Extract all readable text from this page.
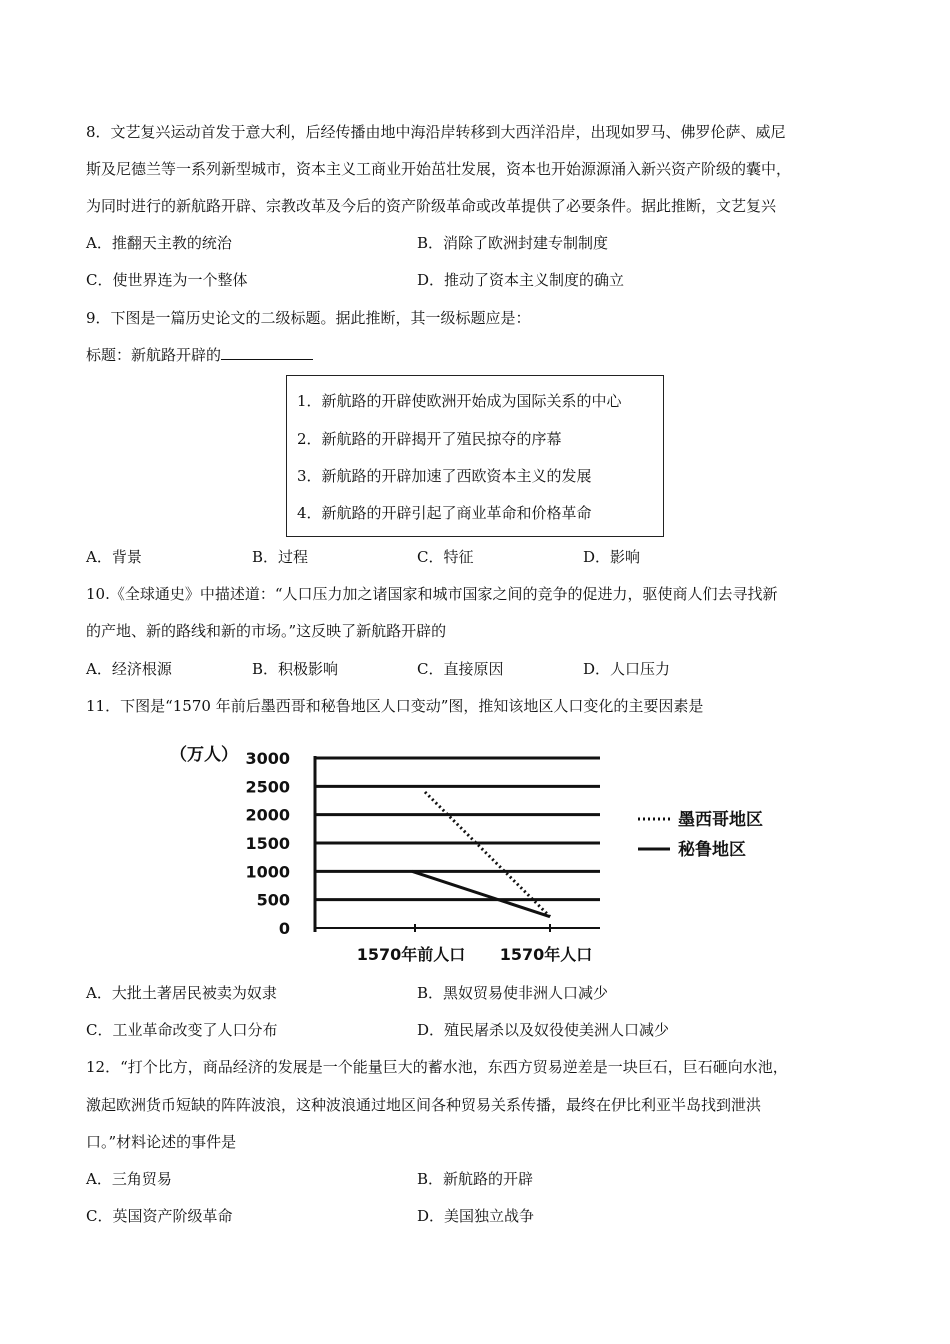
8．文艺复兴运动首发于意大利，后经传播由地中海沿岸转移到大西洋沿岸，出现如罗马、佛罗伦萨、威尼
斯及尼德兰等一系列新型城市，资本主义工商业开始茁壮发展，资本也开始源源涌入新兴资产阶级的囊中，
为同时进行的新航路开辟、宗教改革及今后的资产阶级革命或改革提供了必要条件。据此推断，文艺复兴
A．推翻天主教的统治	B．消除了欧洲封建专制制度
C．使世界连为一个整体	D．推动了资本主义制度的确立
9．下图是一篇历史论文的二级标题。据此推断，其一级标题应是：
标题：新航路开辟的
1．新航路的开辟使欧洲开始成为国际关系的中心
2．新航路的开辟揭开了殖民掠夺的序幕
3．新航路的开辟加速了西欧资本主义的发展
4．新航路的开辟引起了商业革命和价格革命
A．背景	B．过程	C．特征	D．影响
10.《全球通史》中描述道：“人口压力加之诸国家和城市国家之间的竞争的促进力，驱使商人们去寻找新
的产地、新的路线和新的市场。”这反映了新航路开辟的
A．经济根源	B．积极影响	C．直接原因	D．人口压力
11．下图是“1570 年前后墨西哥和秘鲁地区人口变动”图，推知该地区人口变化的主要因素是
（万人） 3000
2500
2000
1500
1000
500
0
1570年前人口 1570年人口
墨西哥地区
秘鲁地区
A．大批土著居民被卖为奴隶	B．黑奴贸易使非洲人口减少
C．工业革命改变了人口分布	D．殖民屠杀以及奴役使美洲人口减少
12．“打个比方，商品经济的发展是一个能量巨大的蓄水池，东西方贸易逆差是一块巨石，巨石砸向水池，
激起欧洲货币短缺的阵阵波浪，这种波浪通过地区间各种贸易关系传播，最终在伊比利亚半岛找到泄洪
口。”材料论述的事件是
A．三角贸易	B．新航路的开辟
C．英国资产阶级革命	D．美国独立战争
